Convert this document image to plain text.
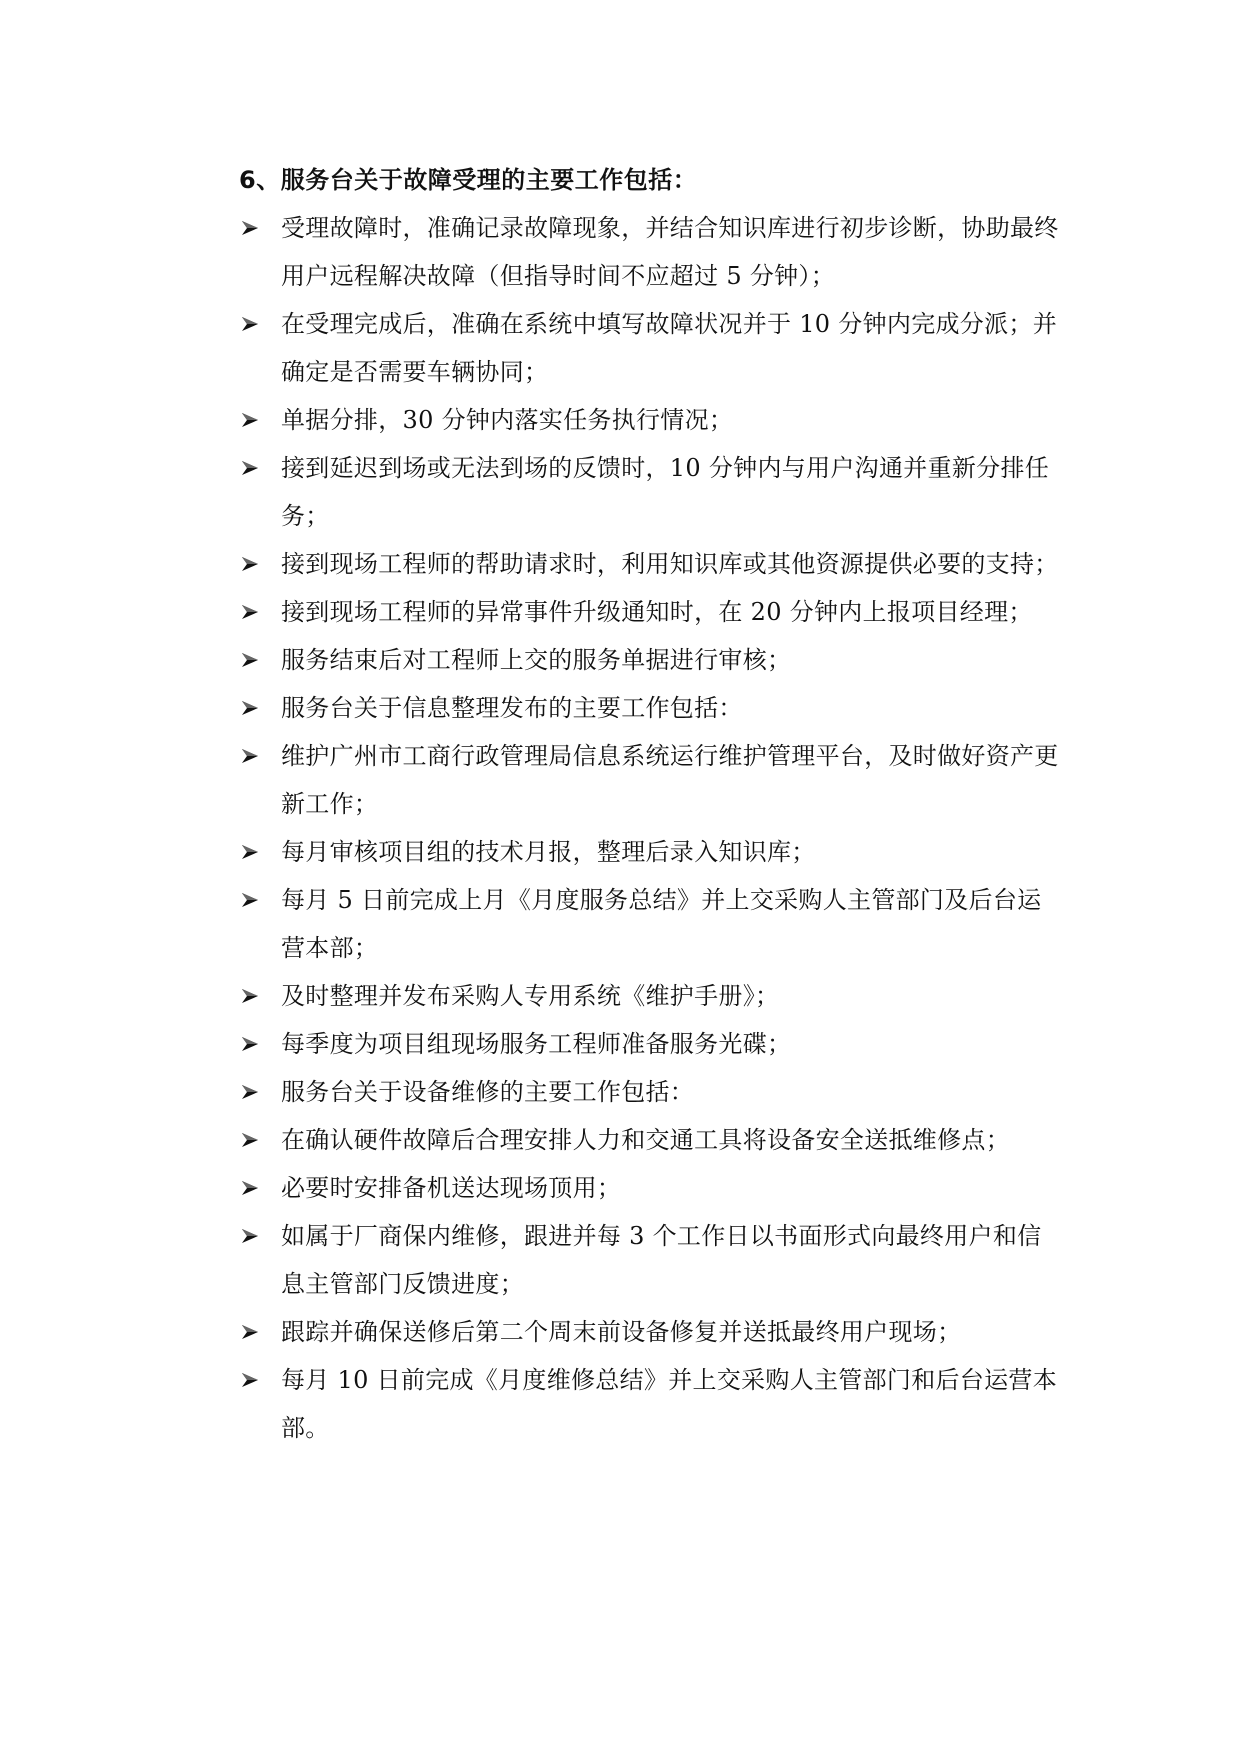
6、服务台关于故障受理的主要工作包括：

受理故障时，准确记录故障现象，并结合知识库进行初步诊断，协助最终用户远程解决故障（但指导时间不应超过 5 分钟）；
在受理完成后，准确在系统中填写故障状况并于 10 分钟内完成分派；并确定是否需要车辆协同；
单据分排，30 分钟内落实任务执行情况；
接到延迟到场或无法到场的反馈时，10 分钟内与用户沟通并重新分排任务；
接到现场工程师的帮助请求时，利用知识库或其他资源提供必要的支持；
接到现场工程师的异常事件升级通知时，在 20 分钟内上报项目经理；
服务结束后对工程师上交的服务单据进行审核；
服务台关于信息整理发布的主要工作包括：
维护广州市工商行政管理局信息系统运行维护管理平台，及时做好资产更新工作；
每月审核项目组的技术月报，整理后录入知识库；
每月 5 日前完成上月《月度服务总结》并上交采购人主管部门及后台运营本部；
及时整理并发布采购人专用系统《维护手册》；
每季度为项目组现场服务工程师准备服务光碟；
服务台关于设备维修的主要工作包括：
在确认硬件故障后合理安排人力和交通工具将设备安全送抵维修点；
必要时安排备机送达现场顶用；
如属于厂商保内维修，跟进并每 3 个工作日以书面形式向最终用户和信息主管部门反馈进度；
跟踪并确保送修后第二个周末前设备修复并送抵最终用户现场；
每月 10 日前完成《月度维修总结》并上交采购人主管部门和后台运营本部。
